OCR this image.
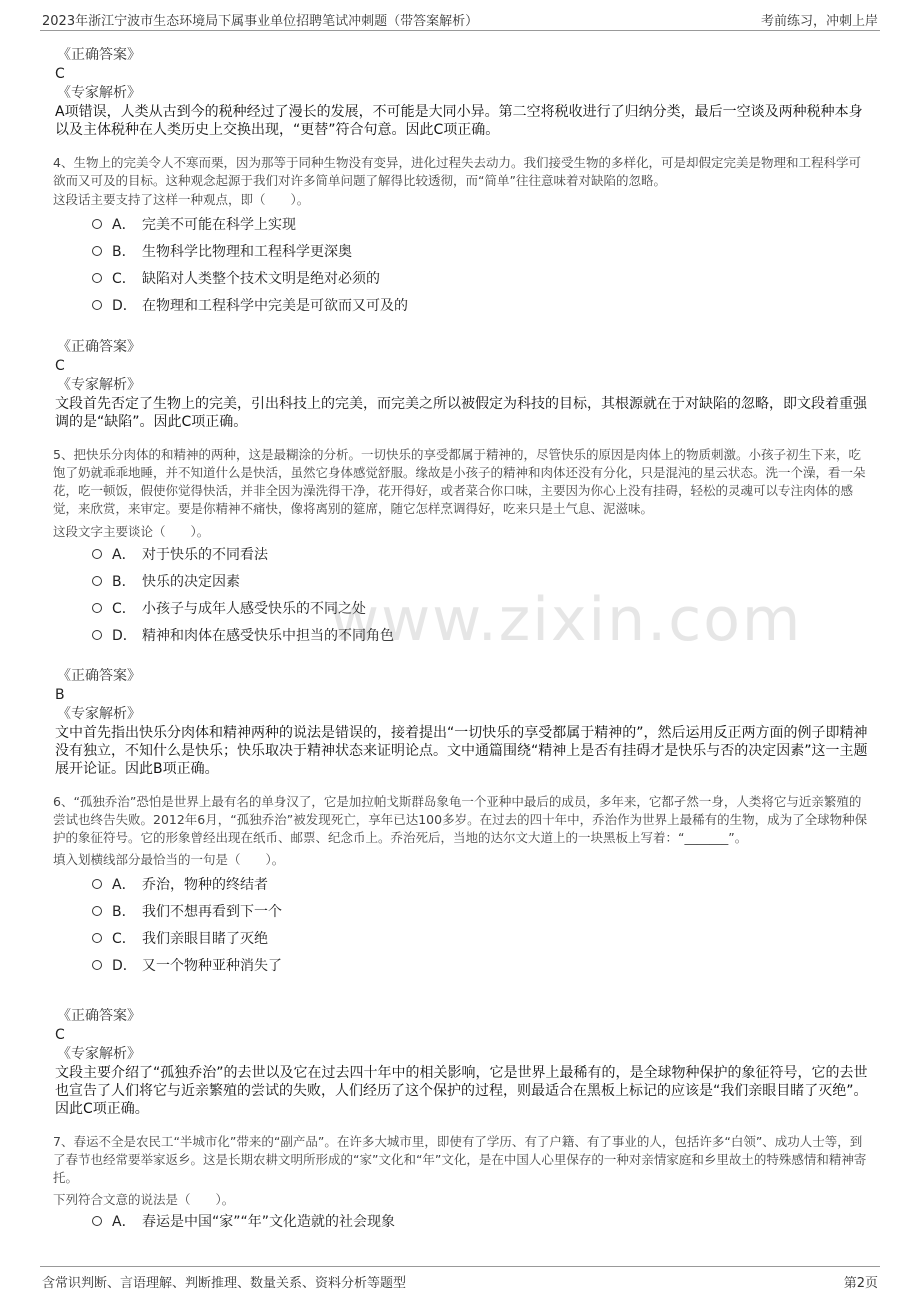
2023年浙江宁波市生态环境局下属事业单位招聘笔试冲刺题（带答案解析）	考前练习，冲刺上岸
www.zixin.com
《正确答案》
C
《专家解析》
A项错误，人类从古到今的税种经过了漫长的发展，不可能是大同小异。第二空将税收进行了归纳分类，最后一空谈及两种税种本身以及主体税种在人类历史上交换出现，“更替”符合句意。因此C项正确。
4、生物上的完美令人不寒而栗，因为那等于同种生物没有变异，进化过程失去动力。我们接受生物的多样化，可是却假定完美是物理和工程科学可欲而又可及的目标。这种观念起源于我们对许多简单问题了解得比较透彻，而“简单”往往意味着对缺陷的忽略。
这段话主要支持了这样一种观点，即（　　）。
A． 完美不可能在科学上实现
B． 生物科学比物理和工程科学更深奥
C． 缺陷对人类整个技术文明是绝对必须的
D． 在物理和工程科学中完美是可欲而又可及的
《正确答案》
C
《专家解析》
文段首先否定了生物上的完美，引出科技上的完美，而完美之所以被假定为科技的目标，其根源就在于对缺陷的忽略，即文段着重强调的是“缺陷”。因此C项正确。
5、把快乐分肉体的和精神的两种，这是最糊涂的分析。一切快乐的享受都属于精神的，尽管快乐的原因是肉体上的物质刺激。小孩子初生下来，吃饱了奶就乖乖地睡，并不知道什么是快活，虽然它身体感觉舒服。缘故是小孩子的精神和肉体还没有分化，只是混沌的星云状态。洗一个澡，看一朵花，吃一顿饭，假使你觉得快活，并非全因为澡洗得干净，花开得好，或者菜合你口味，主要因为你心上没有挂碍，轻松的灵魂可以专注肉体的感觉，来欣赏，来审定。要是你精神不痛快，像将离别的筵席，随它怎样烹调得好，吃来只是土气息、泥滋味。
这段文字主要谈论（　　）。
A． 对于快乐的不同看法
B． 快乐的决定因素
C． 小孩子与成年人感受快乐的不同之处
D． 精神和肉体在感受快乐中担当的不同角色
《正确答案》
B
《专家解析》
文中首先指出快乐分肉体和精神两种的说法是错误的，接着提出“一切快乐的享受都属于精神的”，然后运用反正两方面的例子即精神没有独立，不知什么是快乐；快乐取决于精神状态来证明论点。文中通篇围绕“精神上是否有挂碍才是快乐与否的决定因素”这一主题展开论证。因此B项正确。
6、“孤独乔治”恐怕是世界上最有名的单身汉了，它是加拉帕戈斯群岛象龟一个亚种中最后的成员，多年来，它都孑然一身，人类将它与近亲繁殖的尝试也终告失败。2012年6月，“孤独乔治”被发现死亡，享年已达100多岁。在过去的四十年中，乔治作为世界上最稀有的生物，成为了全球物种保护的象征符号。它的形象曾经出现在纸币、邮票、纪念币上。乔治死后，当地的达尔文大道上的一块黑板上写着：“_______”。
填入划横线部分最恰当的一句是（　　）。
A． 乔治，物种的终结者
B． 我们不想再看到下一个
C． 我们亲眼目睹了灭绝
D． 又一个物种亚种消失了
《正确答案》
C
《专家解析》
文段主要介绍了“孤独乔治”的去世以及它在过去四十年中的相关影响，它是世界上最稀有的，是全球物种保护的象征符号，它的去世也宣告了人们将它与近亲繁殖的尝试的失败，人们经历了这个保护的过程，则最适合在黑板上标记的应该是“我们亲眼目睹了灭绝”。因此C项正确。
7、春运不全是农民工“半城市化”带来的“副产品”。在许多大城市里，即使有了学历、有了户籍、有了事业的人，包括许多“白领”、成功人士等，到了春节也经常要举家返乡。这是长期农耕文明所形成的“家”文化和“年”文化，是在中国人心里保存的一种对亲情家庭和乡里故土的特殊感情和精神寄托。
下列符合文意的说法是（　　）。
A． 春运是中国“家”“年”文化造就的社会现象
含常识判断、言语理解、判断推理、数量关系、资料分析等题型	第2页
